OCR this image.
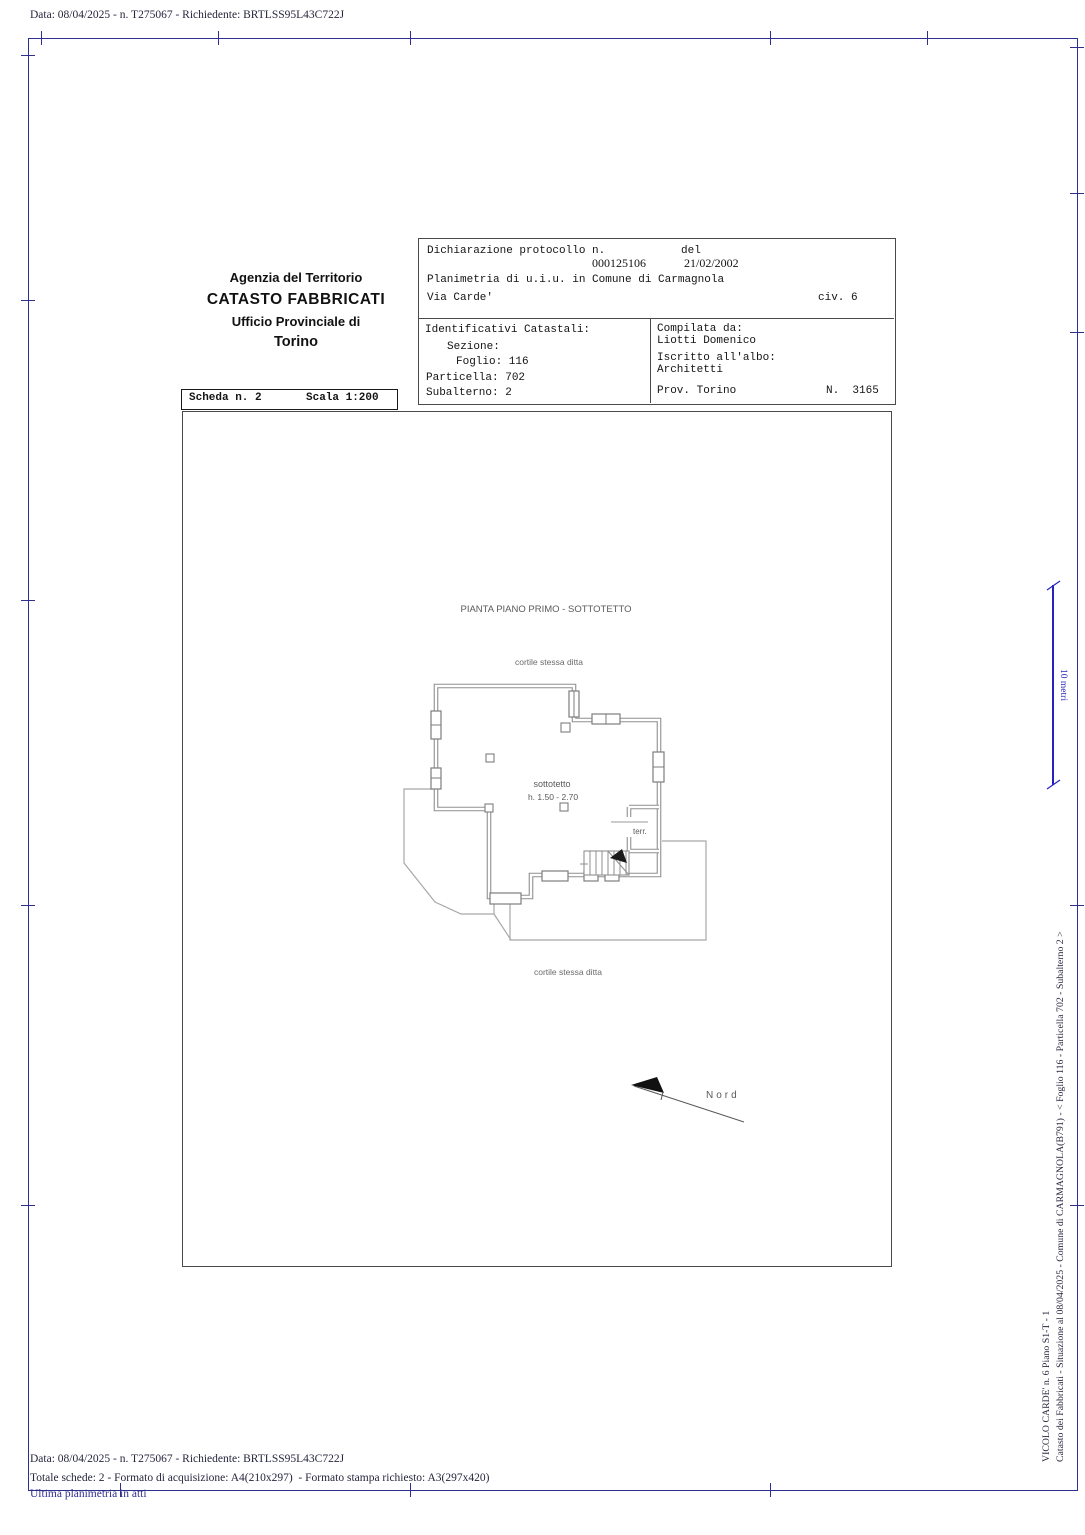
Data: 08/04/2025 - n. T275067 - Richiedente: BRTLSS95L43C722J
Agenzia del Territorio
CATASTO FABBRICATI
Ufficio Provinciale di
Torino
Scheda n. 2	Scala 1:200
Dichiarazione protocollo n.
000125106
del
21/02/2002
Planimetria di u.i.u. in Comune di Carmagnola
Via Carde'	civ. 6
Identificativi Catastali:
Sezione:
Foglio: 116
Particella: 702
Subalterno: 2
Compilata da:
Liotti Domenico
Iscritto all'albo:
Architetti
Prov. Torino	N.  3165
Nord
PIANTA PIANO PRIMO - SOTTOTETTO
cortile stessa ditta
sottotetto
h. 1.50 - 2.70
terr.
cortile stessa ditta
10 metri
VICOLO CARDE' n. 6 Piano S1-T - 1 Catasto dei Fabbricati - Situazione al 08/04/2025 - Comune di CARMAGNOLA(B791) - < Foglio 116 - Particella 702 - Subalterno 2 >
Data: 08/04/2025 - n. T275067 - Richiedente: BRTLSS95L43C722J
Totale schede: 2 - Formato di acquisizione: A4(210x297)  - Formato stampa richiesto: A3(297x420)
Ultima planimetria in atti
